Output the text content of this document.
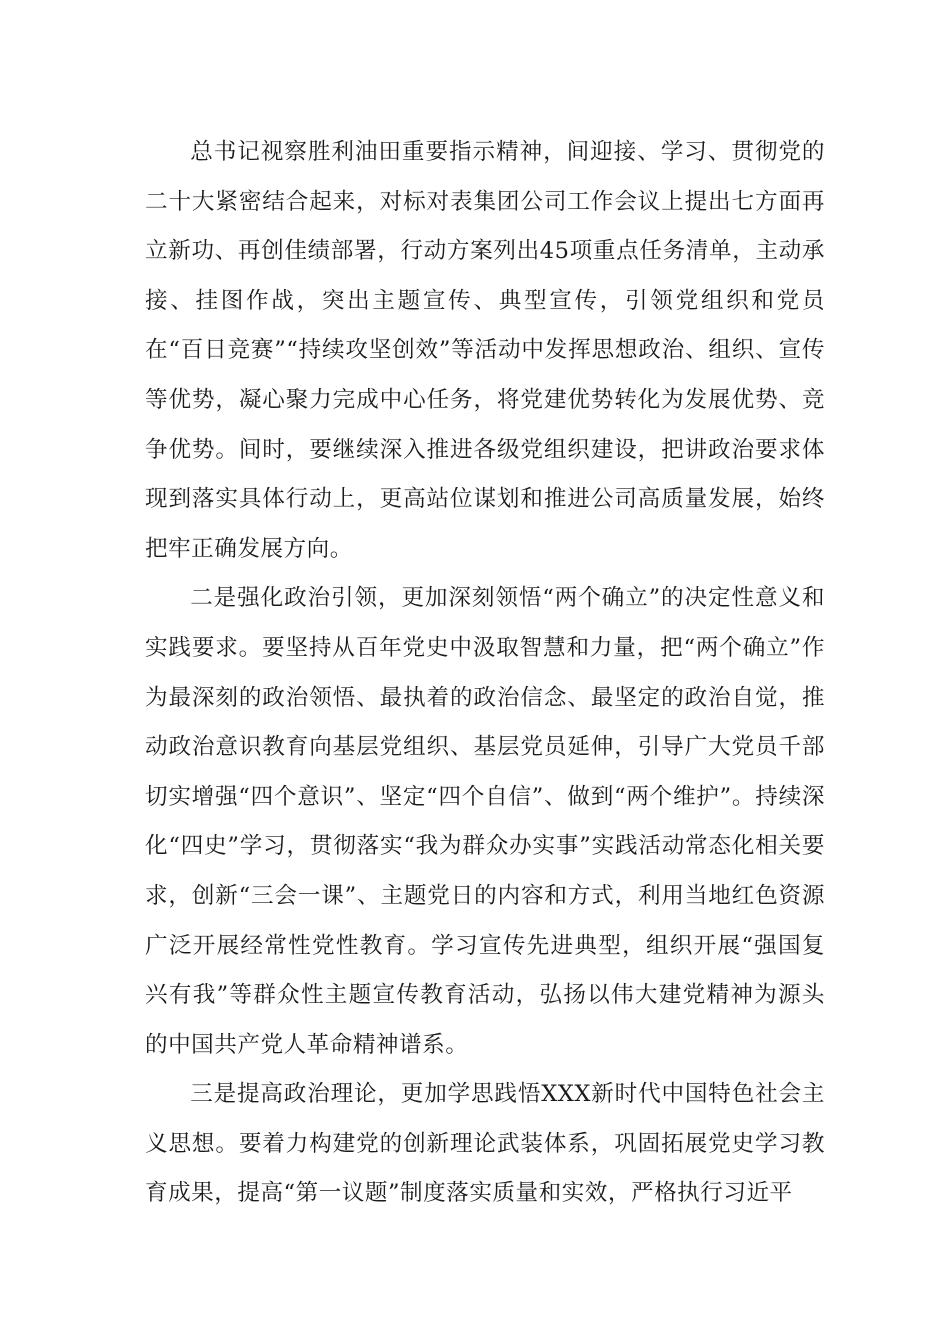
总书记视察胜利油田重要指示精神，间迎接、学习、贯彻党的二十大紧密结合起来，对标对表集团公司工作会议上提出七方面再立新功、再创佳绩部署，行动方案列出45项重点任务清单，主动承接、挂图作战，突出主题宣传、典型宣传，引领党组织和党员在“百日竞赛”“持续攻坚创效”等活动中发挥思想政治、组织、宣传等优势，凝心聚力完成中心任务，将党建优势转化为发展优势、竞争优势。间时，要继续深入推进各级党组织建设，把讲政治要求体现到落实具体行动上，更高站位谋划和推进公司高质量发展，始终把牢正确发展方向。

二是强化政治引领，更加深刻领悟“两个确立”的决定性意义和实践要求。要坚持从百年党史中汲取智慧和力量，把“两个确立”作为最深刻的政治领悟、最执着的政治信念、最坚定的政治自觉，推动政治意识教育向基层党组织、基层党员延伸，引导广大党员千部切实增强“四个意识”、坚定“四个自信”、做到“两个维护”。持续深化“四史”学习，贯彻落实“我为群众办实事”实践活动常态化相关要求，创新“三会一课”、主题党日的内容和方式，利用当地红色资源广泛开展经常性党性教育。学习宣传先进典型，组织开展“强国复兴有我”等群众性主题宣传教育活动，弘扬以伟大建党精神为源头的中国共产党人革命精神谱系。

三是提高政治理论，更加学思践悟XXX新时代中国特色社会主义思想。要着力构建党的创新理论武装体系，巩固拓展党史学习教育成果，提高“第一议题”制度落实质量和实效，严格执行习近平
